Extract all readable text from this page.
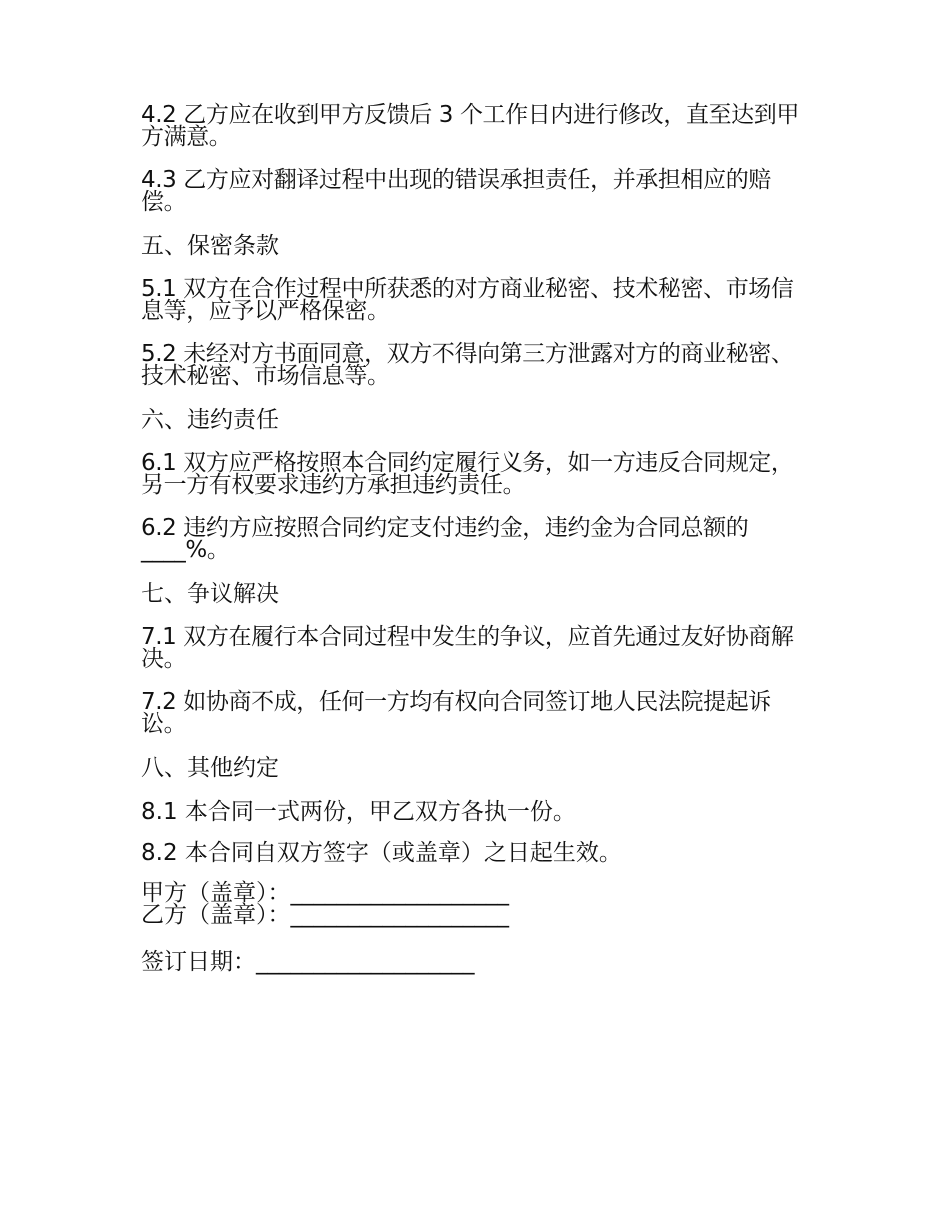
4.2 乙方应在收到甲方反馈后 3 个工作日内进行修改，直至达到甲方满意。

4.3 乙方应对翻译过程中出现的错误承担责任，并承担相应的赔偿。

五、保密条款

5.1 双方在合作过程中所获悉的对方商业秘密、技术秘密、市场信息等，应予以严格保密。

5.2 未经对方书面同意，双方不得向第三方泄露对方的商业秘密、技术秘密、市场信息等。

六、违约责任

6.1 双方应严格按照本合同约定履行义务，如一方违反合同规定，另一方有权要求违约方承担违约责任。

6.2 违约方应按照合同约定支付违约金，违约金为合同总额的____%。

七、争议解决

7.1 双方在履行本合同过程中发生的争议，应首先通过友好协商解决。

7.2 如协商不成，任何一方均有权向合同签订地人民法院提起诉讼。

八、其他约定

8.1 本合同一式两份，甲乙双方各执一份。

8.2 本合同自双方签字（或盖章）之日起生效。

甲方（盖章）：___________________
乙方（盖章）：___________________
签订日期：___________________
